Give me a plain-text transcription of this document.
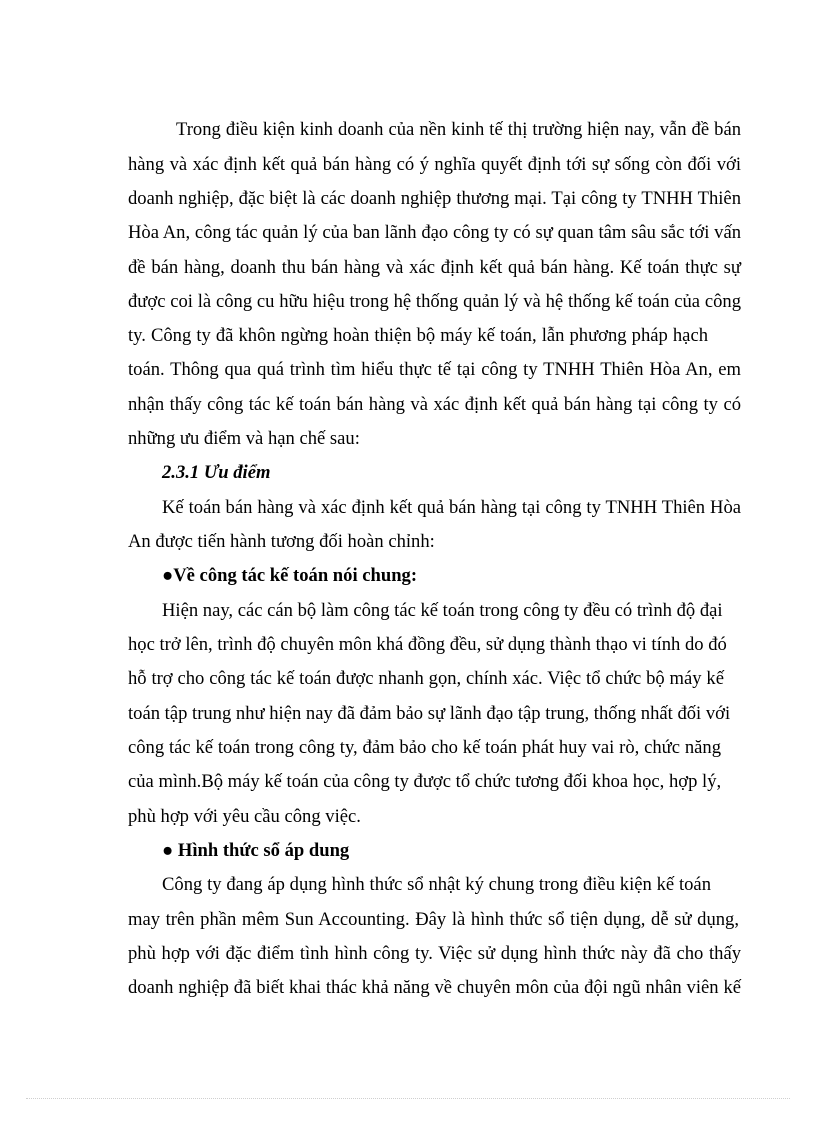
Trong điều kiện kinh doanh của nền kinh tế thị trường hiện nay, vẫn đề bán
hàng và xác định kết quả bán hàng có ý nghĩa quyết định tới sự sống còn đối với
doanh nghiệp, đặc biệt là các doanh nghiệp thương mại. Tại công ty TNHH Thiên
Hòa An, công tác quản lý của ban lãnh đạo công ty có sự quan tâm sâu sắc tới vấn
đề bán hàng, doanh thu bán hàng và xác định kết quả bán hàng. Kế toán thực sự
được coi là công cu hữu hiệu trong hệ thống quản lý và hệ thống kế toán của công
ty. Công ty đã khôn ngừng hoàn thiện bộ máy kế toán, lẫn phương pháp hạch
toán. Thông qua quá trình tìm hiểu thực tế tại công ty TNHH Thiên Hòa An, em
nhận thấy công tác kế toán bán hàng và xác định kết quả bán hàng tại công ty có
những ưu điểm và hạn chế sau:
2.3.1 Ưu điểm
Kế toán bán hàng và xác định kết quả bán hàng tại công ty TNHH Thiên Hòa
An được tiến hành tương đối hoàn chỉnh:
●Về công tác kế toán nói chung:
Hiện nay, các cán bộ làm công tác kế toán trong công ty đều có trình độ đại
học trở lên, trình độ chuyên môn khá đồng đều, sử dụng thành thạo vi tính do đó
hỗ trợ cho công tác kế toán được nhanh gọn, chính xác. Việc tổ chức bộ máy kế
toán tập trung như hiện nay đã đảm bảo sự lãnh đạo tập trung, thống nhất đối với
công tác kế toán trong công ty, đảm bảo cho kế toán phát huy vai rò, chức năng
của mình.Bộ máy kế toán của công ty được tổ chức tương đối khoa học, hợp lý,
phù hợp với yêu cầu công việc.
● Hình thức sổ áp dung
Công ty đang áp dụng hình thức sổ nhật ký chung trong điều kiện kế toán
may trên phần mêm Sun Accounting. Đây là hình thức sổ tiện dụng, dễ sử dụng,
phù hợp với đặc điểm tình hình công ty. Việc sử dụng hình thức này đã cho thấy
doanh nghiệp đã biết khai thác khả năng về chuyên môn của đội ngũ nhân viên kế
